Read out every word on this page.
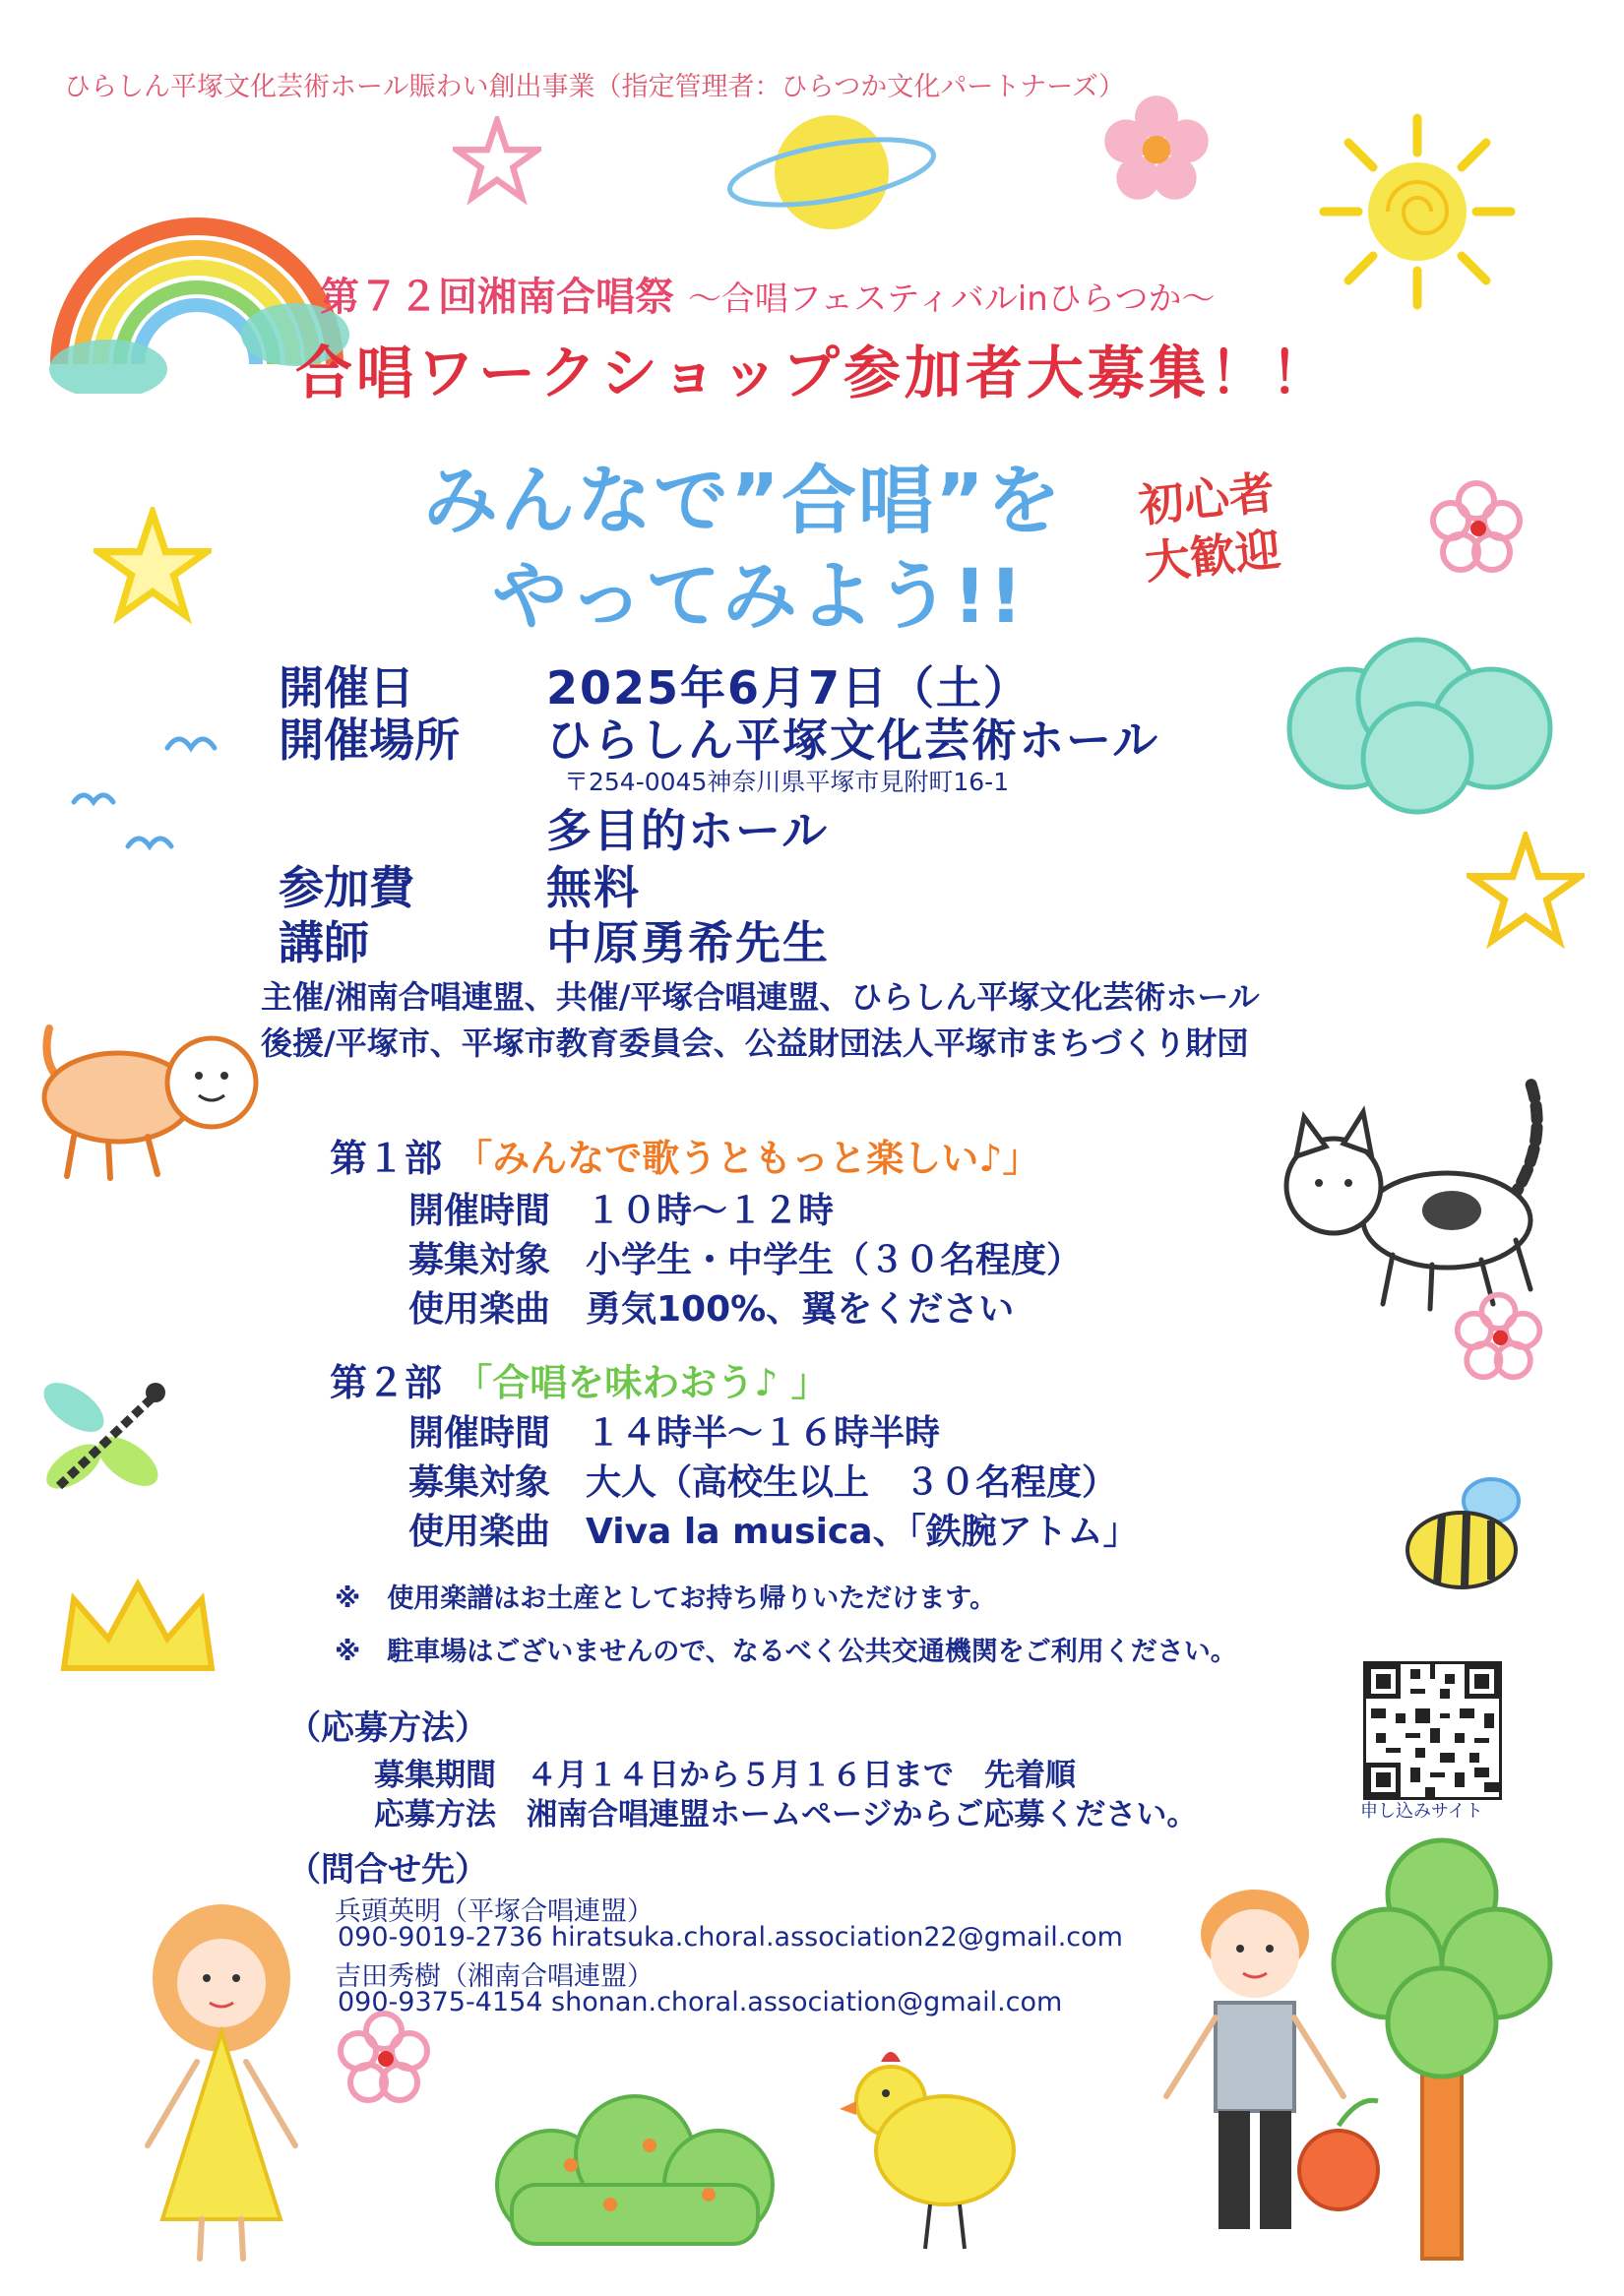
ひらしん平塚文化芸術ホール賑わい創出事業（指定管理者：ひらつか文化パートナーズ）
第７２回湘南合唱祭 ～合唱フェスティバルinひらつか～
合唱ワークショップ参加者大募集！！
みんなで”合唱”を
やってみよう!!
初心者
大歓迎
開催日	2025年6月7日（土）
開催場所 ひらしん平塚文化芸術ホール
〒254-0045神奈川県平塚市見附町16-1
多目的ホール
参加費	無料
講師	中原勇希先生
主催/湘南合唱連盟、共催/平塚合唱連盟、ひらしん平塚文化芸術ホール
後援/平塚市、平塚市教育委員会、公益財団法人平塚市まちづくり財団
第１部 「みんなで歌うともっと楽しい♪」
開催時間　１０時～１２時
募集対象　小学生・中学生（３０名程度）
使用楽曲　勇気100%、翼をください
第２部 「合唱を味わおう♪ 」
開催時間　１４時半～１６時半時
募集対象　大人（高校生以上　３０名程度）
使用楽曲　Viva la musica、「鉄腕アトム」
※　使用楽譜はお土産としてお持ち帰りいただけます。
※　駐車場はございませんので、なるべく公共交通機関をご利用ください。
（応募方法）
募集期間　４月１４日から５月１６日まで　先着順
応募方法　湘南合唱連盟ホームページからご応募ください。	申し込みサイト
（問合せ先）
兵頭英明（平塚合唱連盟）
090-9019-2736 hiratsuka.choral.association22@gmail.com
吉田秀樹（湘南合唱連盟）
090-9375-4154 shonan.choral.association@gmail.com
